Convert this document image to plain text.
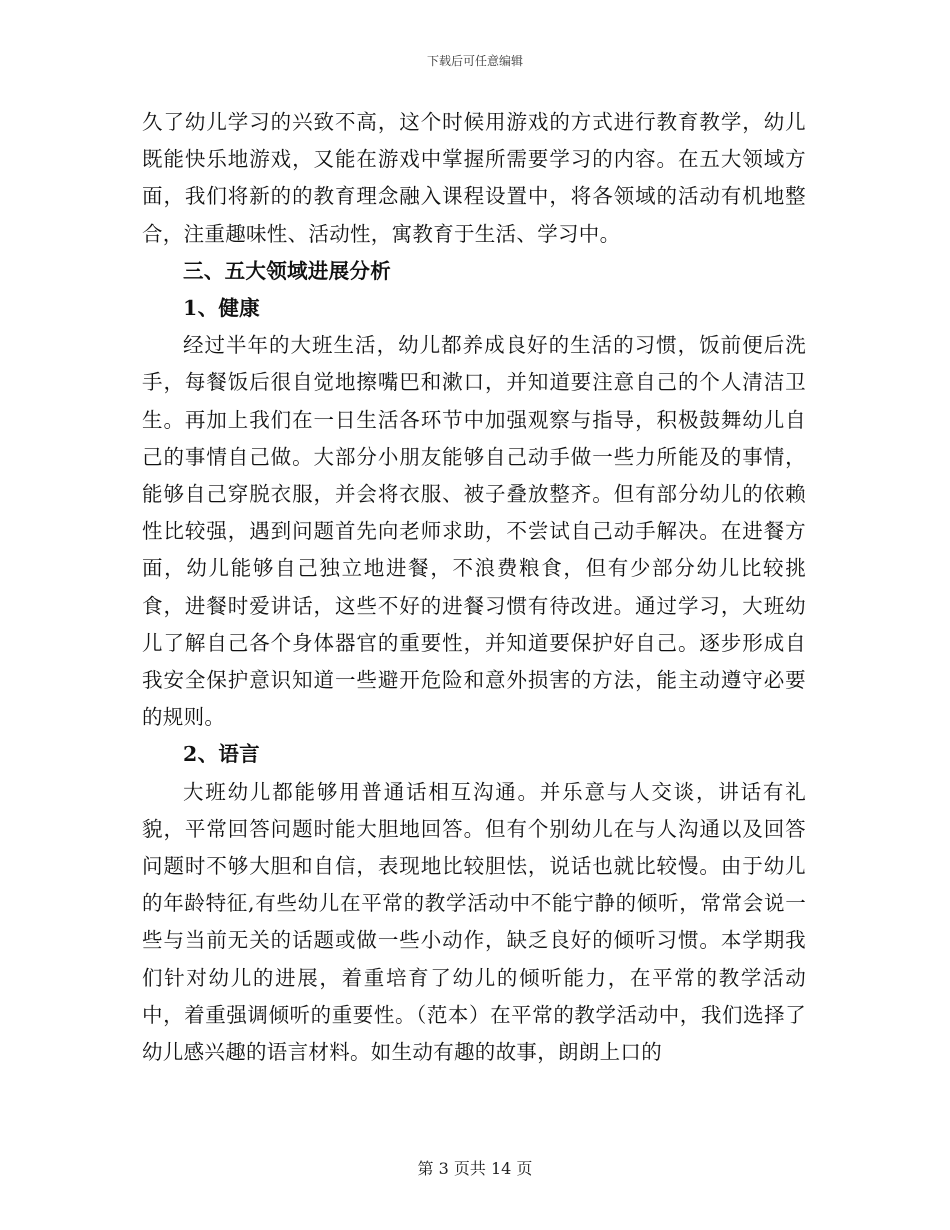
下载后可任意编辑

久了幼儿学习的兴致不高，这个时候用游戏的方式进行教育教学，幼儿既能快乐地游戏，又能在游戏中掌握所需要学习的内容。在五大领域方面，我们将新的的教育理念融入课程设置中，将各领域的活动有机地整合，注重趣味性、活动性，寓教育于生活、学习中。

三、五大领域进展分析

1、健康

经过半年的大班生活，幼儿都养成良好的生活的习惯，饭前便后洗手，每餐饭后很自觉地擦嘴巴和漱口，并知道要注意自己的个人清洁卫生。再加上我们在一日生活各环节中加强观察与指导，积极鼓舞幼儿自己的事情自己做。大部分小朋友能够自己动手做一些力所能及的事情，能够自己穿脱衣服，并会将衣服、被子叠放整齐。但有部分幼儿的依赖性比较强，遇到问题首先向老师求助，不尝试自己动手解决。在进餐方面，幼儿能够自己独立地进餐，不浪费粮食，但有少部分幼儿比较挑食，进餐时爱讲话，这些不好的进餐习惯有待改进。通过学习，大班幼儿了解自己各个身体器官的重要性，并知道要保护好自己。逐步形成自我安全保护意识知道一些避开危险和意外损害的方法，能主动遵守必要的规则。

2、语言

大班幼儿都能够用普通话相互沟通。并乐意与人交谈，讲话有礼貌，平常回答问题时能大胆地回答。但有个别幼儿在与人沟通以及回答问题时不够大胆和自信，表现地比较胆怯，说话也就比较慢。由于幼儿的年龄特征,有些幼儿在平常的教学活动中不能宁静的倾听，常常会说一些与当前无关的话题或做一些小动作，缺乏良好的倾听习惯。本学期我们针对幼儿的进展，着重培育了幼儿的倾听能力，在平常的教学活动中，着重强调倾听的重要性。（范本）在平常的教学活动中，我们选择了幼儿感兴趣的语言材料。如生动有趣的故事，朗朗上口的

第 3 页共 14 页
